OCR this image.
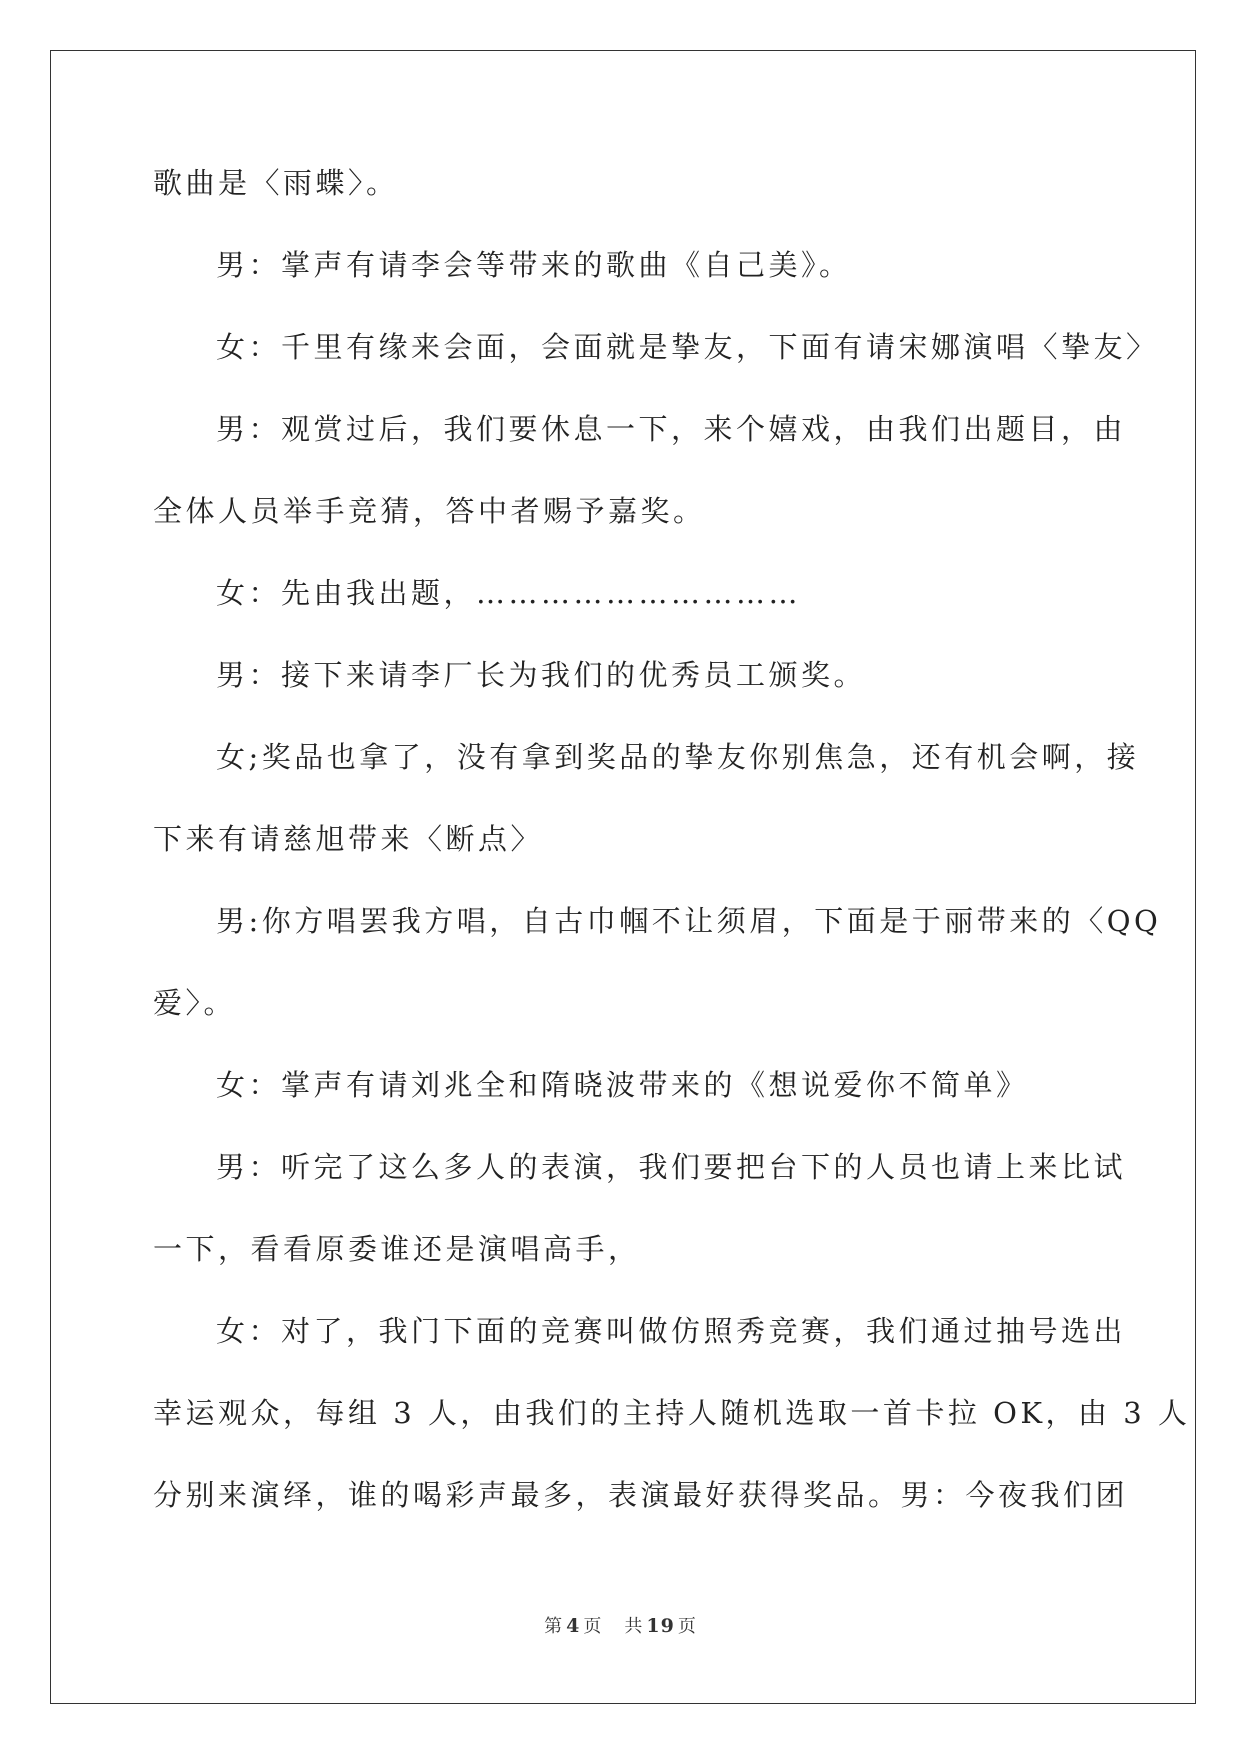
歌曲是〈雨蝶〉。

男：掌声有请李会等带来的歌曲《自己美》。

女：千里有缘来会面，会面就是挚友，下面有请宋娜演唱〈挚友〉

男：观赏过后，我们要休息一下，来个嬉戏，由我们出题目，由

全体人员举手竞猜，答中者赐予嘉奖。

女：先由我出题，…………………………

男：接下来请李厂长为我们的优秀员工颁奖。

女;奖品也拿了，没有拿到奖品的挚友你别焦急，还有机会啊，接

下来有请慈旭带来〈断点〉

男:你方唱罢我方唱，自古巾帼不让须眉，下面是于丽带来的〈QQ

爱〉。

女：掌声有请刘兆全和隋晓波带来的《想说爱你不简单》

男：听完了这么多人的表演，我们要把台下的人员也请上来比试

一下，看看原委谁还是演唱高手，

女：对了，我门下面的竞赛叫做仿照秀竞赛，我们通过抽号选出

幸运观众，每组 3 人，由我们的主持人随机选取一首卡拉 OK，由 3 人

分别来演绎，谁的喝彩声最多，表演最好获得奖品。男：今夜我们团

第 4 页 共 19 页
